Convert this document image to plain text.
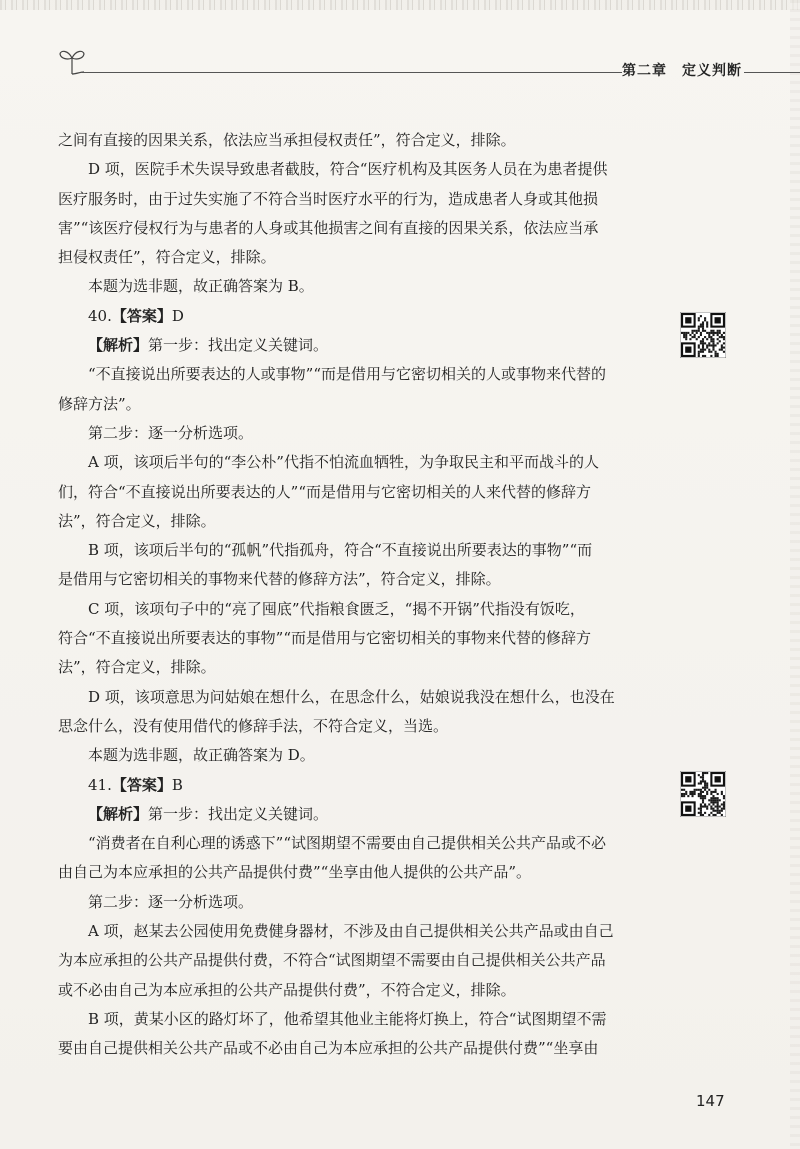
第二章　定义判断
之间有直接的因果关系，依法应当承担侵权责任”，符合定义，排除。
D 项，医院手术失误导致患者截肢，符合“医疗机构及其医务人员在为患者提供
医疗服务时，由于过失实施了不符合当时医疗水平的行为，造成患者人身或其他损
害”“该医疗侵权行为与患者的人身或其他损害之间有直接的因果关系，依法应当承
担侵权责任”，符合定义，排除。
本题为选非题，故正确答案为 B。
40.【答案】D
【解析】第一步：找出定义关键词。
“不直接说出所要表达的人或事物”“而是借用与它密切相关的人或事物来代替的
修辞方法”。
第二步：逐一分析选项。
A 项，该项后半句的“李公朴”代指不怕流血牺牲，为争取民主和平而战斗的人
们，符合“不直接说出所要表达的人”“而是借用与它密切相关的人来代替的修辞方
法”，符合定义，排除。
B 项，该项后半句的“孤帆”代指孤舟，符合“不直接说出所要表达的事物”“而
是借用与它密切相关的事物来代替的修辞方法”，符合定义，排除。
C 项，该项句子中的“亮了囤底”代指粮食匮乏，“揭不开锅”代指没有饭吃，
符合“不直接说出所要表达的事物”“而是借用与它密切相关的事物来代替的修辞方
法”，符合定义，排除。
D 项，该项意思为问姑娘在想什么，在思念什么，姑娘说我没在想什么，也没在
思念什么，没有使用借代的修辞手法，不符合定义，当选。
本题为选非题，故正确答案为 D。
41.【答案】B
【解析】第一步：找出定义关键词。
“消费者在自利心理的诱惑下”“试图期望不需要由自己提供相关公共产品或不必
由自己为本应承担的公共产品提供付费”“坐享由他人提供的公共产品”。
第二步：逐一分析选项。
A 项，赵某去公园使用免费健身器材，不涉及由自己提供相关公共产品或由自己
为本应承担的公共产品提供付费，不符合“试图期望不需要由自己提供相关公共产品
或不必由自己为本应承担的公共产品提供付费”，不符合定义，排除。
B 项，黄某小区的路灯坏了，他希望其他业主能将灯换上，符合“试图期望不需
要由自己提供相关公共产品或不必由自己为本应承担的公共产品提供付费”“坐享由
147
